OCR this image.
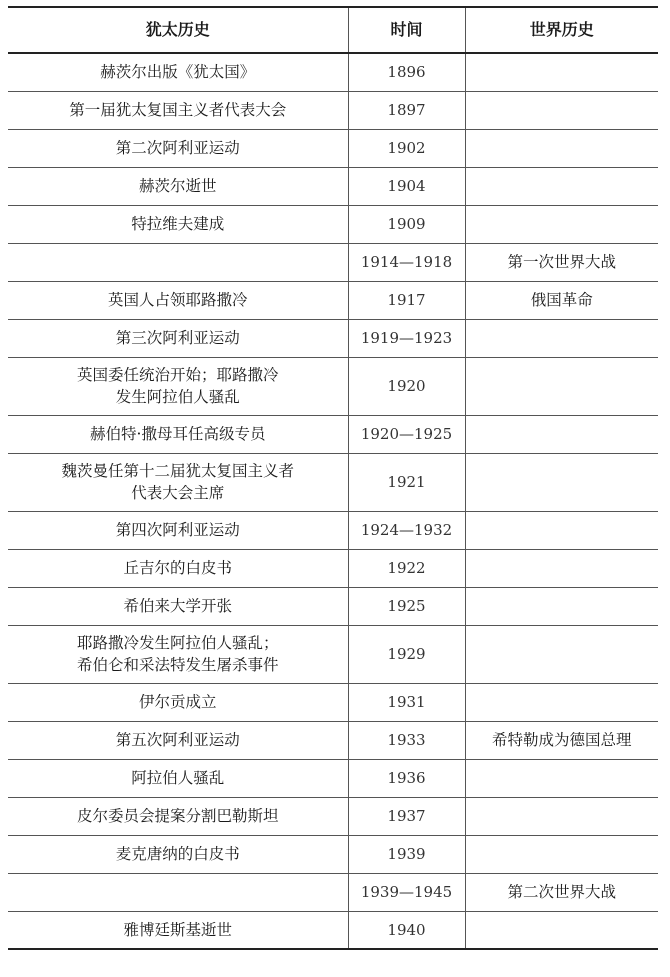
犹太历史	时间	世界历史
赫茨尔出版《犹太国》	1896	
第一届犹太复国主义者代表大会	1897	
第二次阿利亚运动	1902	
赫茨尔逝世	1904	
特拉维夫建成	1909	
	1914—1918	第一次世界大战
英国人占领耶路撒冷	1917	俄国革命
第三次阿利亚运动	1919—1923	

英国委任统治开始；耶路撒冷
发生阿拉伯人骚乱	1920	
赫伯特·撒母耳任高级专员	1920—1925	

魏茨曼任第十二届犹太复国主义者
代表大会主席	1921	
第四次阿利亚运动	1924—1932	
丘吉尔的白皮书	1922	
希伯来大学开张	1925	

耶路撒冷发生阿拉伯人骚乱；
希伯仑和采法特发生屠杀事件	1929	
伊尔贡成立	1931	
第五次阿利亚运动	1933	希特勒成为德国总理
阿拉伯人骚乱	1936	
皮尔委员会提案分割巴勒斯坦	1937	
麦克唐纳的白皮书	1939	
	1939—1945	第二次世界大战
雅博廷斯基逝世	1940	
